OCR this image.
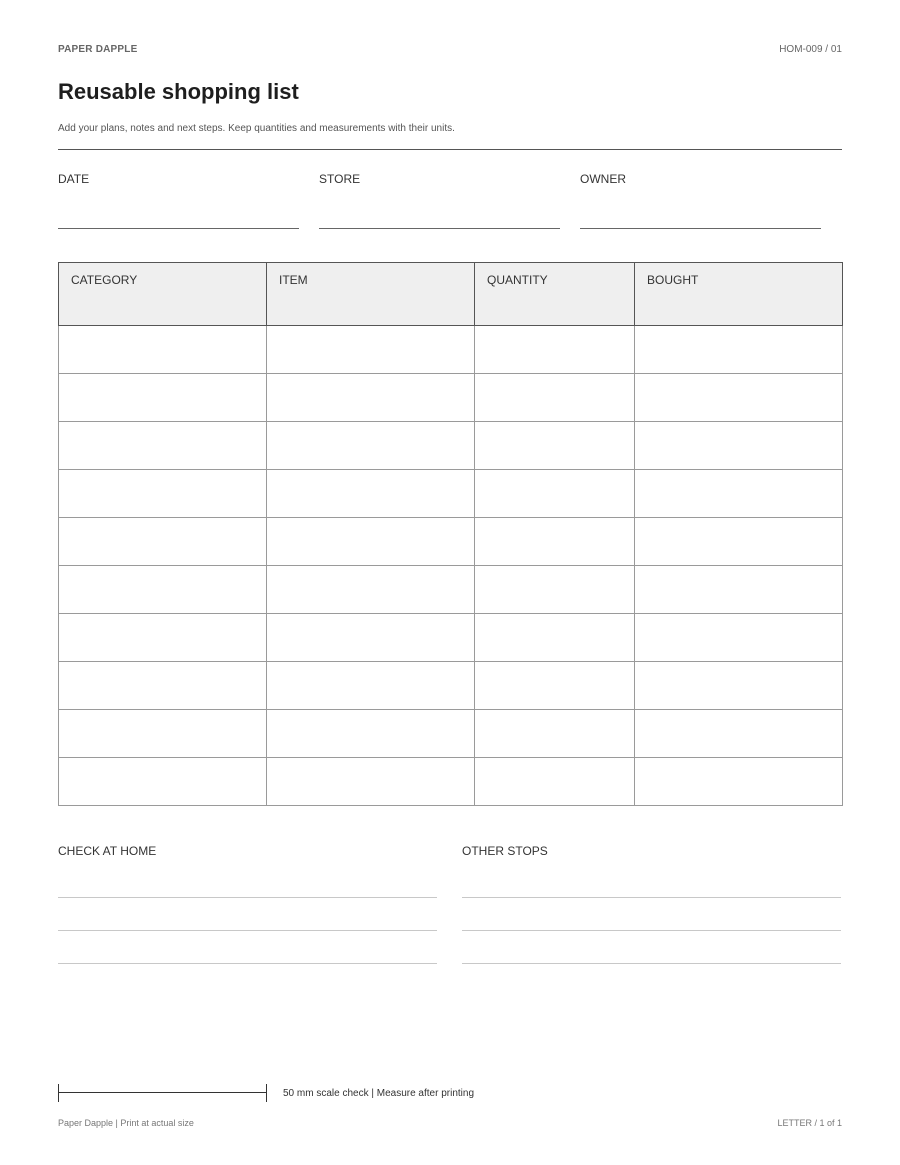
PAPER DAPPLE	HOM-009 / 01
Reusable shopping list

Add your plans, notes and next steps. Keep quantities and measurements with their units.

DATE	STORE	OWNER
CATEGORY	ITEM	QUANTITY	BOUGHT

CHECK AT HOME	OTHER STOPS
50 mm scale check | Measure after printing
Paper Dapple | Print at actual size	LETTER / 1 of 1
